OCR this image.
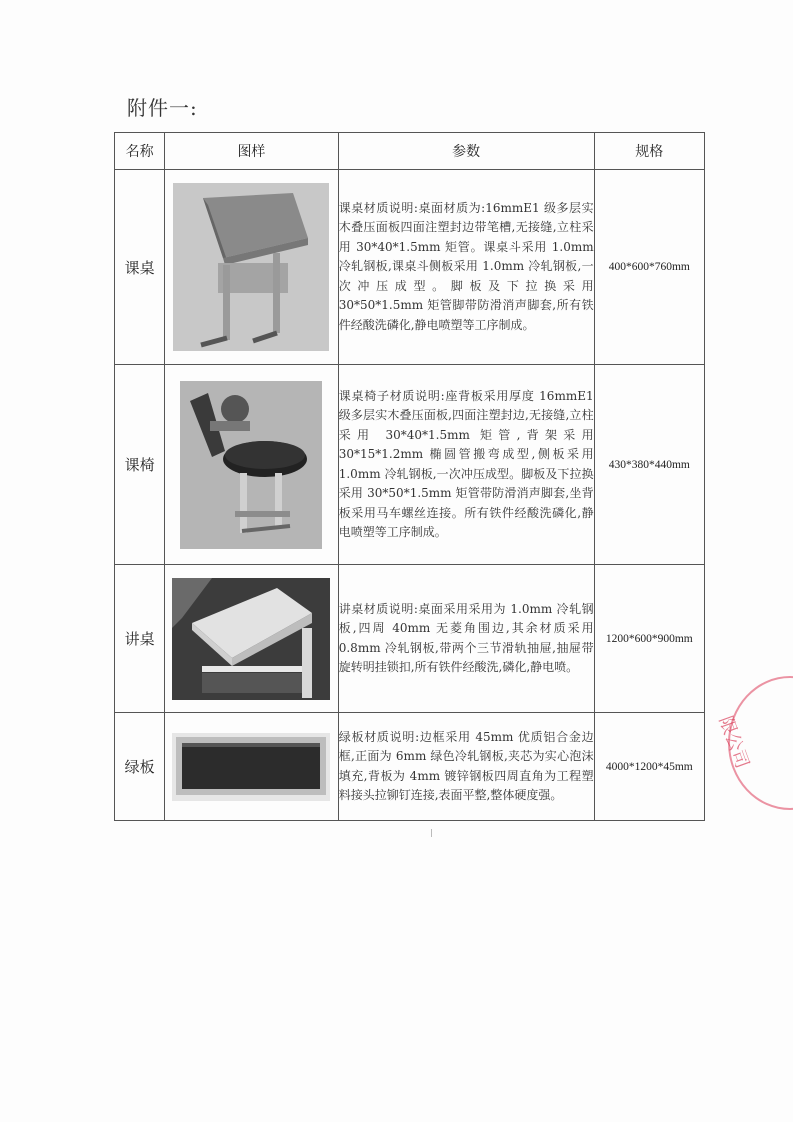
附件一:
名称	图样	参数	规格
课桌		课桌材质说明:桌面材质为:16mmE1 级多层实木叠压面板四面注塑封边带笔槽,无接缝,立柱采用 30*40*1.5mm 矩管。课桌斗采用 1.0mm 冷轧钢板,课桌斗侧板采用 1.0mm 冷轧钢板,一次冲压成型。脚板及下拉换采用 30*50*1.5mm 矩管脚带防滑消声脚套,所有铁件经酸洗磷化,静电喷塑等工序制成。	400*600*760mm
课椅		课桌椅子材质说明:座背板采用厚度 16mmE1 级多层实木叠压面板,四面注塑封边,无接缝,立柱采用 30*40*1.5mm 矩管,背架采用 30*15*1.2mm 椭圆管搬弯成型,侧板采用 1.0mm 冷轧钢板,一次冲压成型。脚板及下拉换采用 30*50*1.5mm 矩管带防滑消声脚套,坐背板采用马车螺丝连接。所有铁件经酸洗磷化,静电喷塑等工序制成。	430*380*440mm
讲桌		讲桌材质说明:桌面采用采用为 1.0mm 冷轧钢板,四周 40mm 无菱角围边,其余材质采用 0.8mm 冷轧钢板,带两个三节滑轨抽屉,抽屉带旋转明挂锁扣,所有铁件经酸洗,磷化,静电喷。	1200*600*900mm
绿板		绿板材质说明:边框采用 45mm 优质铝合金边框,正面为 6mm 绿色冷轧钢板,夹芯为实心泡沫填充,背板为 4mm 镀锌钢板四周直角为工程塑料接头拉铆钉连接,表面平整,整体硬度强。	4000*1200*45mm 限公司
